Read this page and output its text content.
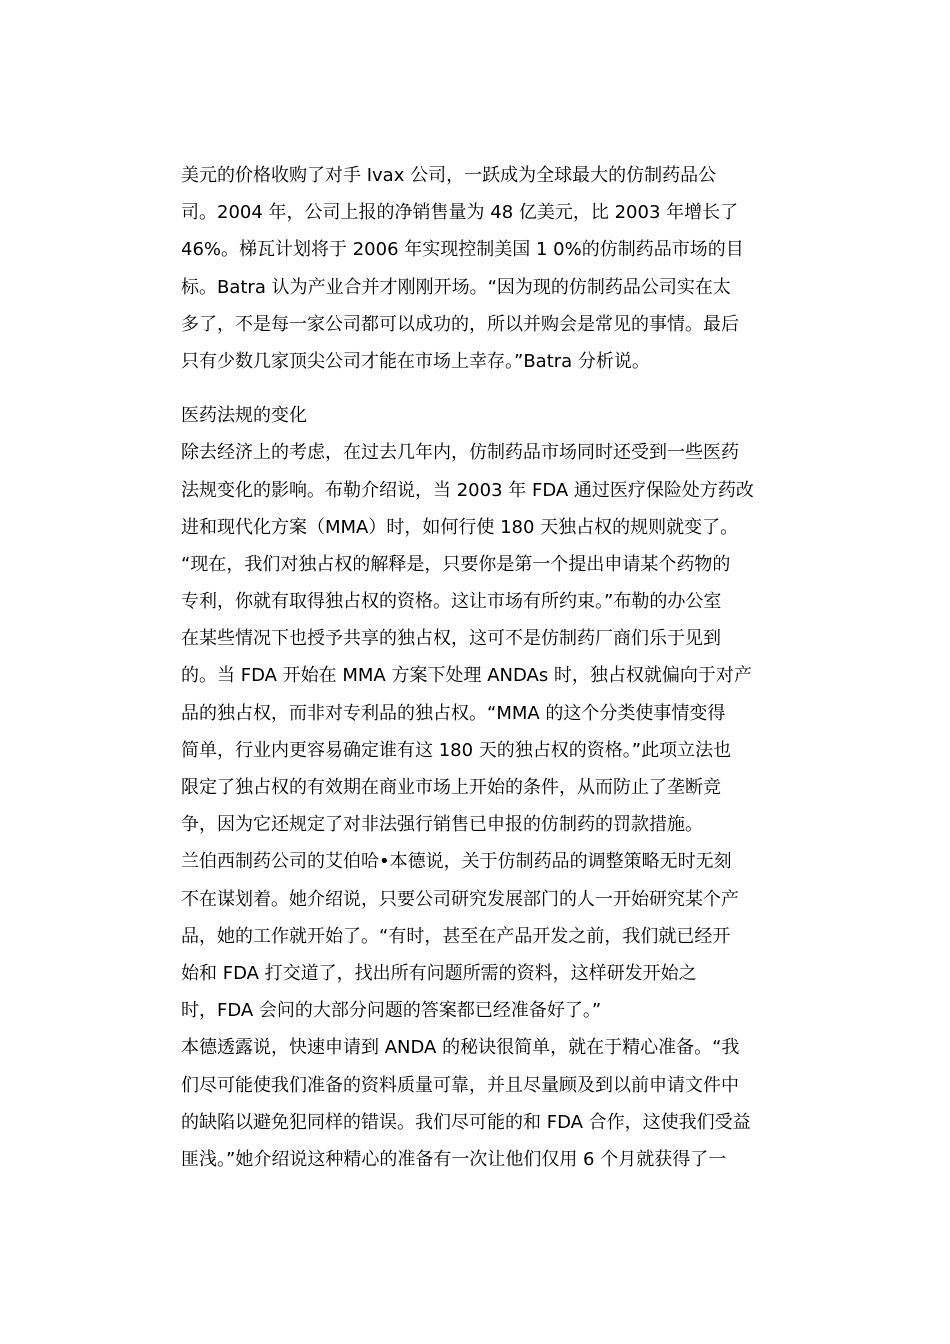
美元的价格收购了对手 Ivax 公司，一跃成为全球最大的仿制药品公
司。2004 年，公司上报的净销售量为 48 亿美元，比 2003 年增长了
46%。梯瓦计划将于 2006 年实现控制美国 1 0%的仿制药品市场的目
标。Batra 认为产业合并才刚刚开场。“因为现的仿制药品公司实在太
多了，不是每一家公司都可以成功的，所以并购会是常见的事情。最后
只有少数几家顶尖公司才能在市场上幸存。”Batra 分析说。
医药法规的变化
除去经济上的考虑，在过去几年内，仿制药品市场同时还受到一些医药
法规变化的影响。布勒介绍说，当 2003 年 FDA 通过医疗保险处方药改
进和现代化方案（MMA）时，如何行使 180 天独占权的规则就变了。
“现在，我们对独占权的解释是，只要你是第一个提出申请某个药物的
专利，你就有取得独占权的资格。这让市场有所约束。”布勒的办公室
在某些情况下也授予共享的独占权，这可不是仿制药厂商们乐于见到
的。当 FDA 开始在 MMA 方案下处理 ANDAs 时，独占权就偏向于对产
品的独占权，而非对专利品的独占权。“MMA 的这个分类使事情变得
简单，行业内更容易确定谁有这 180 天的独占权的资格。”此项立法也
限定了独占权的有效期在商业市场上开始的条件，从而防止了垄断竞
争，因为它还规定了对非法强行销售已申报的仿制药的罚款措施。
兰伯西制药公司的艾伯哈•本德说，关于仿制药品的调整策略无时无刻
不在谋划着。她介绍说，只要公司研究发展部门的人一开始研究某个产
品，她的工作就开始了。“有时，甚至在产品开发之前，我们就已经开
始和 FDA 打交道了，找出所有问题所需的资料，这样研发开始之
时，FDA 会问的大部分问题的答案都已经准备好了。”
本德透露说，快速申请到 ANDA 的秘诀很简单，就在于精心准备。“我
们尽可能使我们准备的资料质量可靠，并且尽量顾及到以前申请文件中
的缺陷以避免犯同样的错误。我们尽可能的和 FDA 合作，这使我们受益
匪浅。”她介绍说这种精心的准备有一次让他们仅用 6 个月就获得了一
